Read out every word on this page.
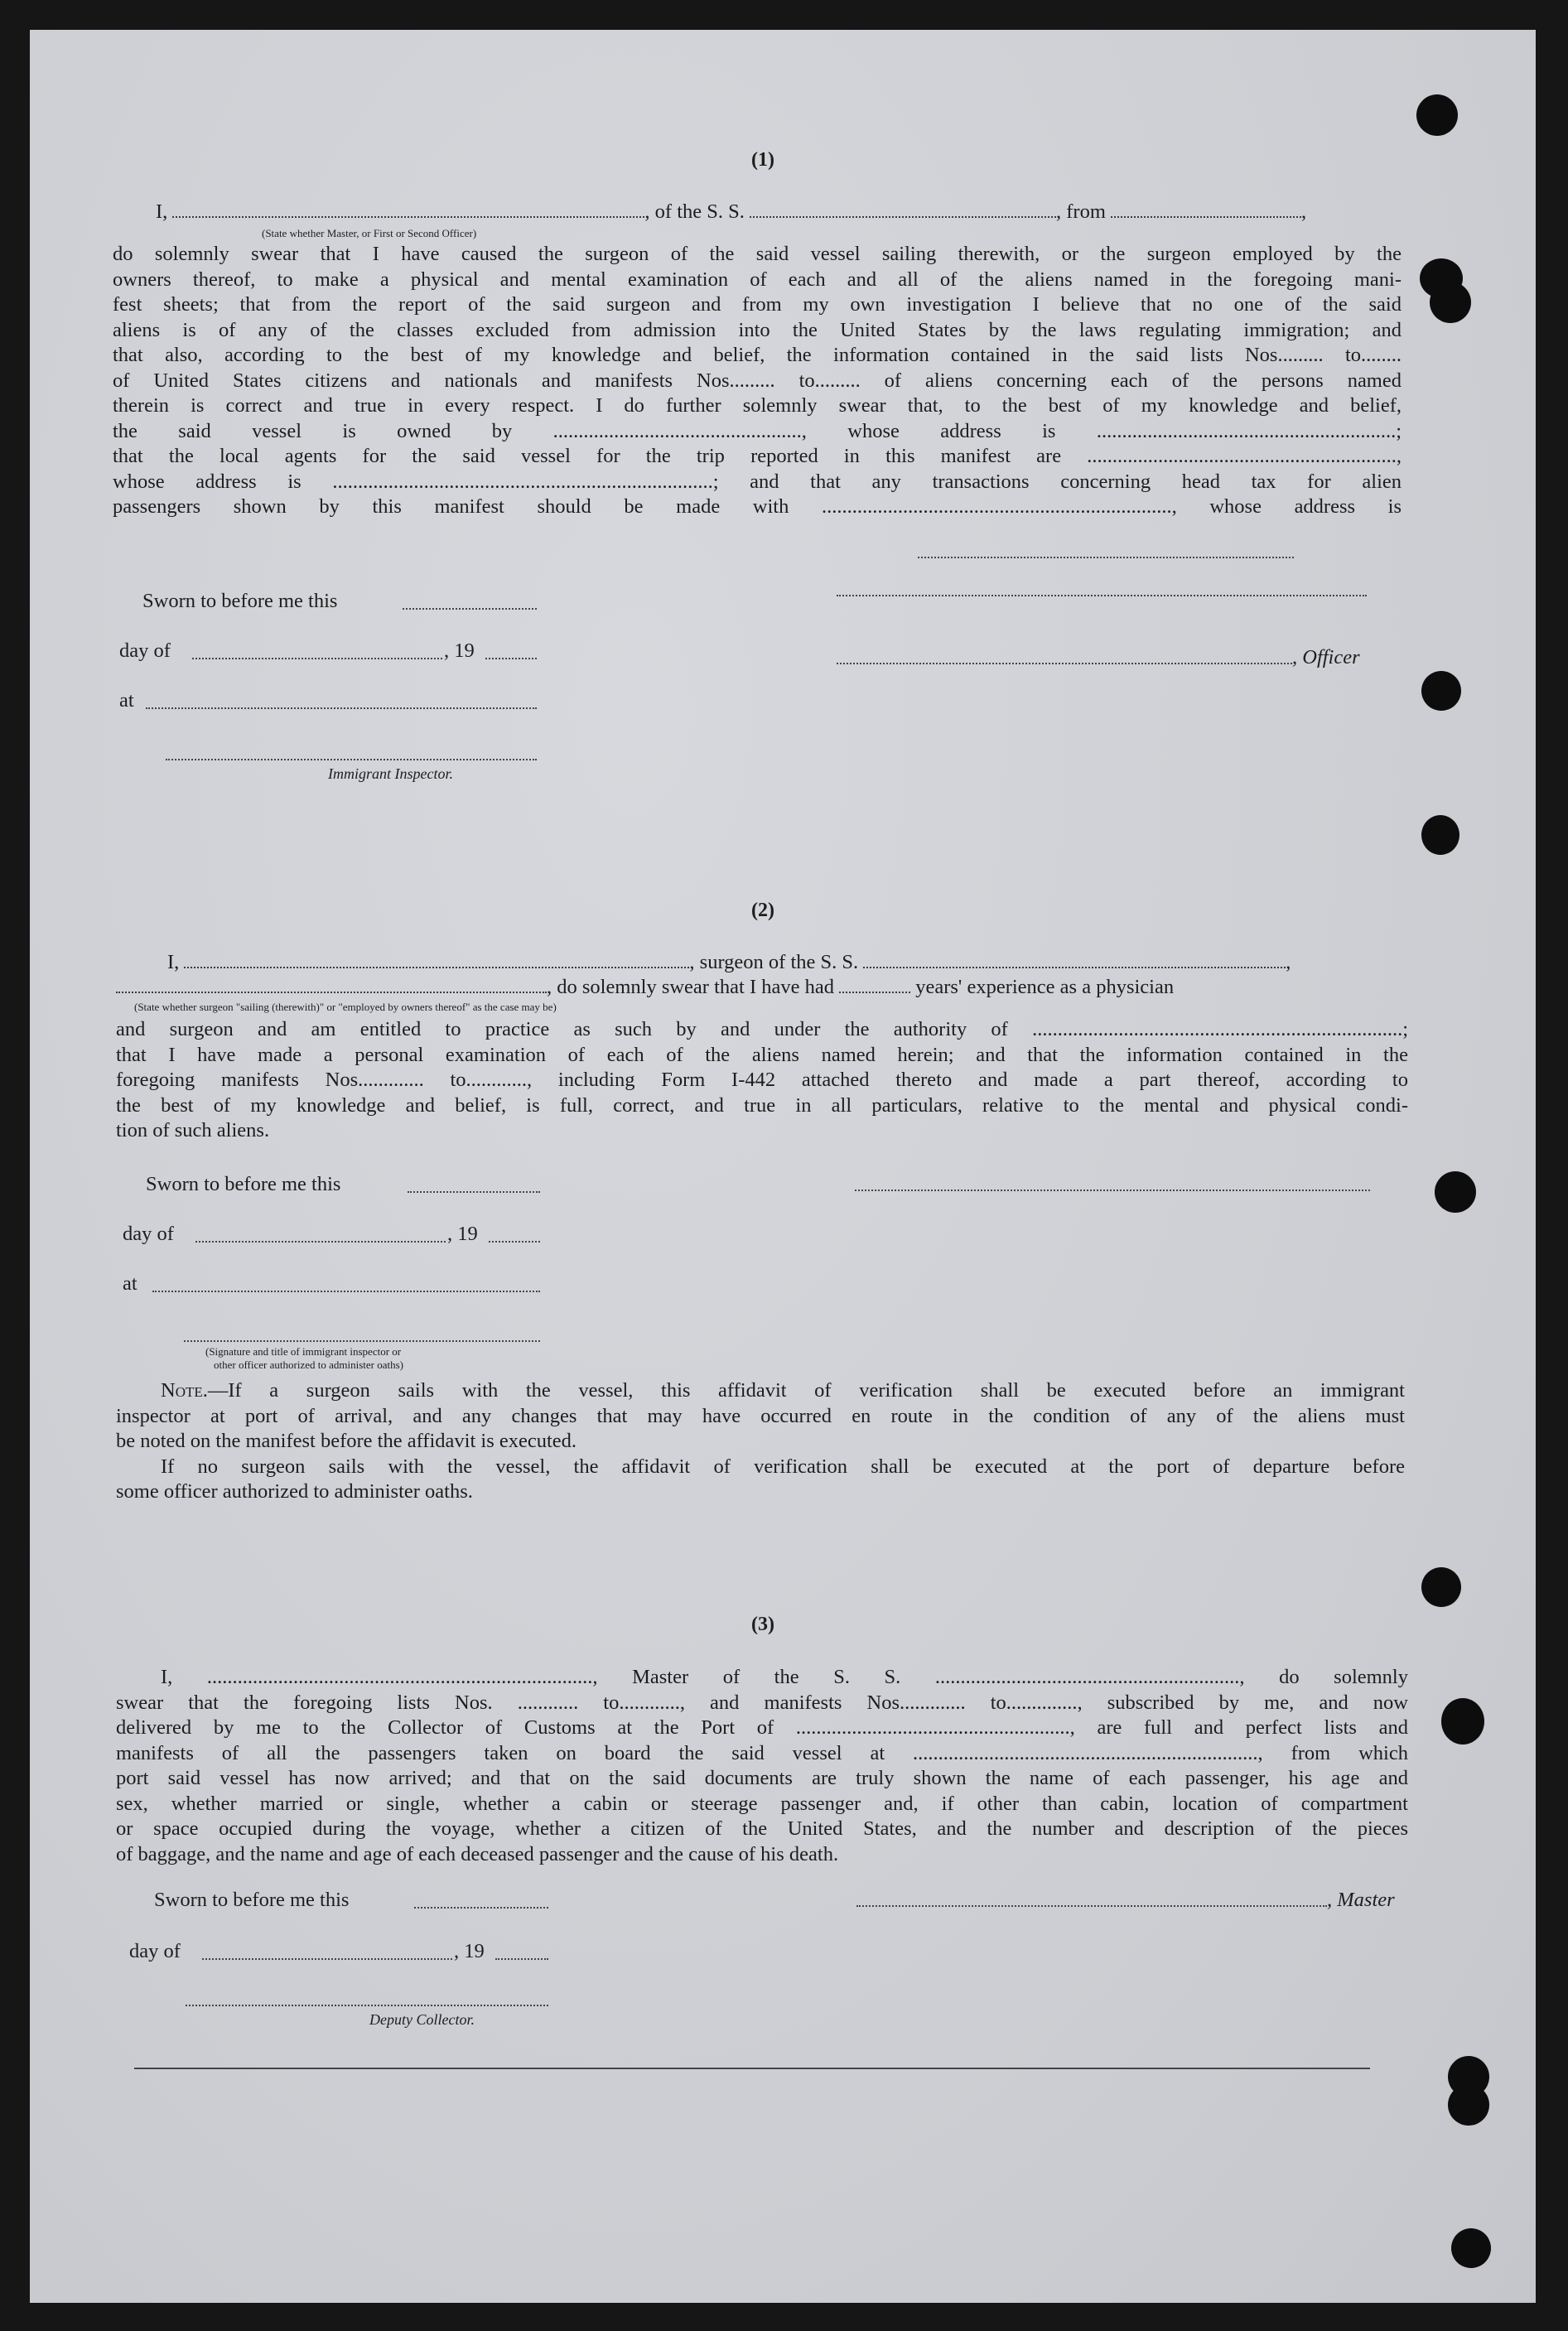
(1)
I,	, of the S. S.	, from	,
(State whether Master, or First or Second Officer)
do solemnly swear that I have caused the surgeon of the said vessel sailing therewith, or the surgeon employed by the
owners thereof, to make a physical and mental examination of each and all of the aliens named in the foregoing mani-
fest sheets; that from the report of the said surgeon and from my own investigation I believe that no one of the said
aliens is of any of the classes excluded from admission into the United States by the laws regulating immigration; and
that also, according to the best of my knowledge and belief, the information contained in the said lists Nos......... to........
of United States citizens and nationals and manifests Nos......... to......... of aliens concerning each of the persons named
therein is correct and true in every respect. I do further solemnly swear that, to the best of my knowledge and belief,
the said vessel is owned by ................................................., whose address is ...........................................................;
that the local agents for the said vessel for the trip reported in this manifest are .............................................................,
whose address is ...........................................................................; and that any transactions concerning head tax for alien
passengers shown by this manifest should be made with ....................................................................., whose address is
Sworn to before me this
day of	, 19
at
Immigrant Inspector.
, Officer
(2)
I,	, surgeon of the S. S.	,
, do solemnly swear that I have had	years' experience as a physician
(State whether surgeon "sailing (therewith)" or "employed by owners thereof" as the case may be)
and surgeon and am entitled to practice as such by and under the authority of .........................................................................;
that I have made a personal examination of each of the aliens named herein; and that the information contained in the
foregoing manifests Nos............. to............, including Form I-442 attached thereto and made a part thereof, according to
the best of my knowledge and belief, is full, correct, and true in all particulars, relative to the mental and physical condi-
tion of such aliens.
Sworn to before me this
day of	, 19
at
(Signature and title of immigrant inspector or
other officer authorized to administer oaths)
Note.—If a surgeon sails with the vessel, this affidavit of verification shall be executed before an immigrant
inspector at port of arrival, and any changes that may have occurred en route in the condition of any of the aliens must
be noted on the manifest before the affidavit is executed.
If no surgeon sails with the vessel, the affidavit of verification shall be executed at the port of departure before
some officer authorized to administer oaths.
(3)
I, ............................................................................, Master of the S. S. ............................................................, do solemnly
swear that the foregoing lists Nos. ............ to............, and manifests Nos............. to.............., subscribed by me, and now
delivered by me to the Collector of Customs at the Port of ......................................................, are full and perfect lists and
manifests of all the passengers taken on board the said vessel at ...................................................................., from which
port said vessel has now arrived; and that on the said documents are truly shown the name of each passenger, his age and
sex, whether married or single, whether a cabin or steerage passenger and, if other than cabin, location of compartment
or space occupied during the voyage, whether a citizen of the United States, and the number and description of the pieces
of baggage, and the name and age of each deceased passenger and the cause of his death.
Sworn to before me this
day of	, 19
Deputy Collector.
, Master
